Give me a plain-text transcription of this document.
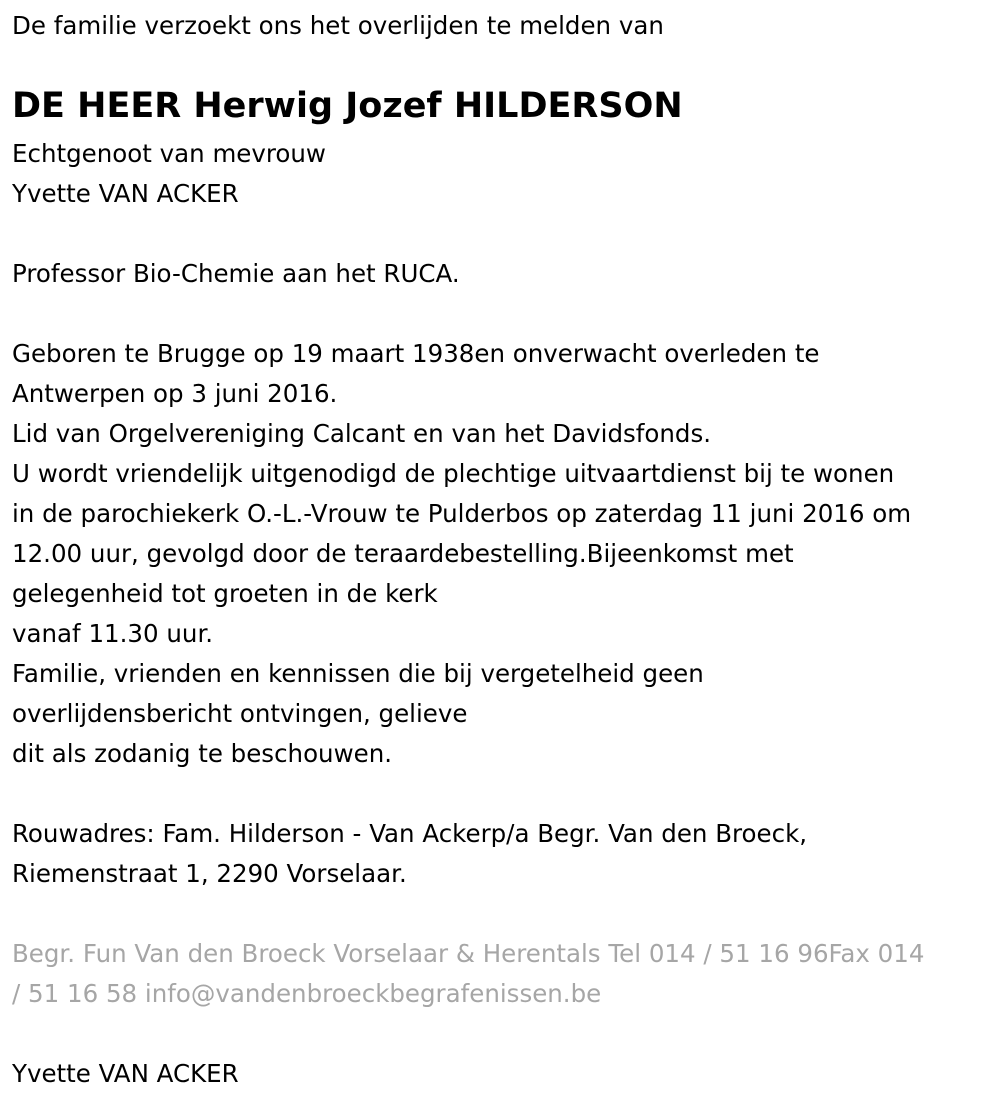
De familie verzoekt ons het overlijden te melden van

DE HEER Herwig Jozef HILDERSON
Echtgenoot van mevrouw
Yvette VAN ACKER
Professor Bio-Chemie aan het RUCA.
Geboren te Brugge op 19 maart 1938en onverwacht overleden te
Antwerpen op 3 juni 2016.
Lid van Orgelvereniging Calcant en van het Davidsfonds.
U wordt vriendelijk uitgenodigd de plechtige uitvaartdienst bij te wonen
in de parochiekerk O.-L.-Vrouw te Pulderbos op zaterdag 11 juni 2016 om
12.00 uur, gevolgd door de teraardebestelling.Bijeenkomst met
gelegenheid tot groeten in de kerk
vanaf 11.30 uur.
Familie, vrienden en kennissen die bij vergetelheid geen
overlijdensbericht ontvingen, gelieve
dit als zodanig te beschouwen.
Rouwadres: Fam. Hilderson - Van Ackerp/a Begr. Van den Broeck,
Riemenstraat 1, 2290 Vorselaar.
Begr. Fun Van den Broeck Vorselaar & Herentals Tel 014 / 51 16 96Fax 014
/ 51 16 58 info@vandenbroeckbegrafenissen.be
Yvette VAN ACKER
